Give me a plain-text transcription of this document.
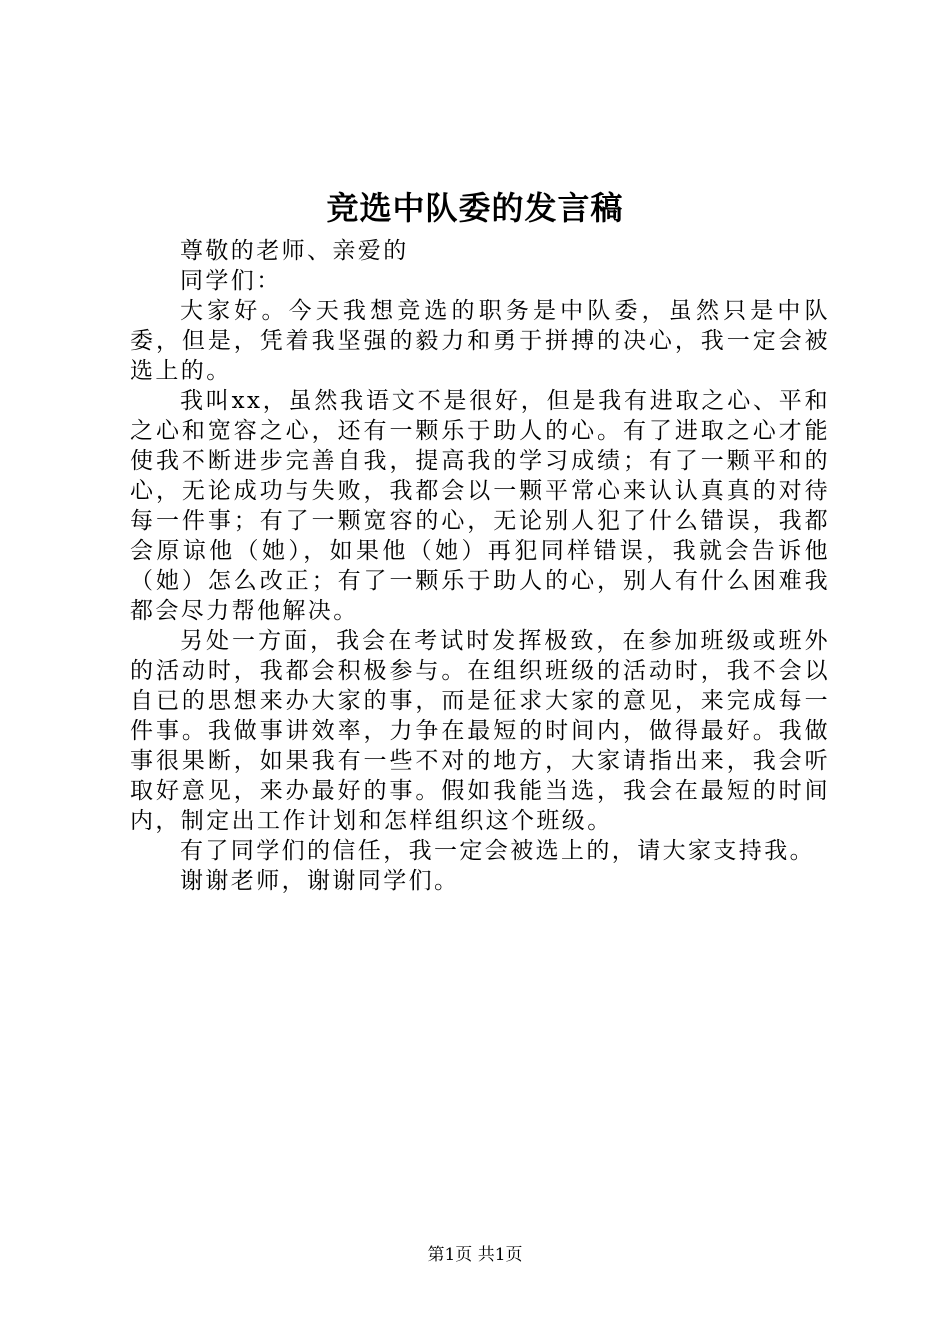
竞选中队委的发言稿

尊敬的老师、亲爱的

同学们：

大家好。今天我想竞选的职务是中队委，虽然只是中队委，但是，凭着我坚强的毅力和勇于拼搏的决心，我一定会被选上的。

我叫xx，虽然我语文不是很好，但是我有进取之心、平和之心和宽容之心，还有一颗乐于助人的心。有了进取之心才能使我不断进步完善自我，提高我的学习成绩；有了一颗平和的心，无论成功与失败，我都会以一颗平常心来认认真真的对待每一件事；有了一颗宽容的心，无论别人犯了什么错误，我都会原谅他（她），如果他（她）再犯同样错误，我就会告诉他（她）怎么改正；有了一颗乐于助人的心，别人有什么困难我都会尽力帮他解决。

另处一方面，我会在考试时发挥极致，在参加班级或班外的活动时，我都会积极参与。在组织班级的活动时，我不会以自已的思想来办大家的事，而是征求大家的意见，来完成每一件事。我做事讲效率，力争在最短的时间内，做得最好。我做事很果断，如果我有一些不对的地方，大家请指出来，我会听取好意见，来办最好的事。假如我能当选，我会在最短的时间内，制定出工作计划和怎样组织这个班级。

有了同学们的信任，我一定会被选上的，请大家支持我。

谢谢老师，谢谢同学们。

第1页 共1页
